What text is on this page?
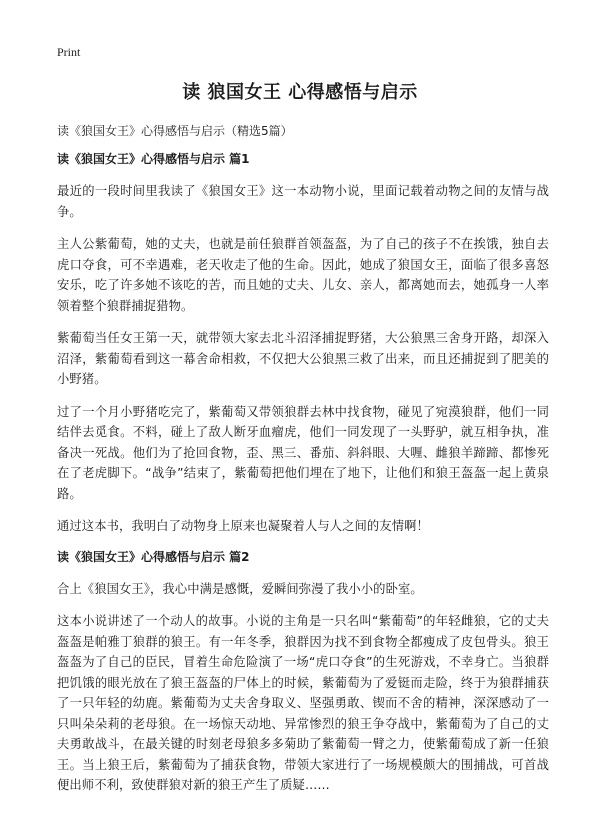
Print
读 狼国女王 心得感悟与启示
读《狼国女王》心得感悟与启示（精选5篇）
读《狼国女王》心得感悟与启示 篇1

最近的一段时间里我读了《狼国女王》这一本动物小说，里面记载着动物之间的友情与战争。

主人公紫葡萄，她的丈夫，也就是前任狼群首领盔盔，为了自己的孩子不在挨饿，独自去虎口夺食，可不幸遇难，老天收走了他的生命。因此，她成了狼国女王，面临了很多喜怒安乐，吃了许多她不该吃的苦，而且她的丈夫、儿女、亲人，都离她而去，她孤身一人率领着整个狼群捕捉猎物。

紫葡萄当任女王第一天，就带领大家去北斗沼泽捕捉野猪，大公狼黑三舍身开路，却深入沼泽，紫葡萄看到这一幕舍命相救，不仅把大公狼黑三救了出来，而且还捕捉到了肥美的小野猪。

过了一个月小野猪吃完了，紫葡萄又带领狼群去林中找食物，碰见了宛漠狼群，他们一同结伴去觅食。不料，碰上了敌人断牙血瘤虎，他们一同发现了一头野驴，就互相争执，准备决一死战。他们为了抢回食物，歪、黑三、番茄、斜斜眼、大喱、雌狼羊蹄蹄、都惨死在了老虎脚下。“战争”结束了，紫葡萄把他们埋在了地下，让他们和狼王盔盔一起上黄泉路。

通过这本书，我明白了动物身上原来也凝聚着人与人之间的友情啊！

读《狼国女王》心得感悟与启示 篇2

合上《狼国女王》，我心中满是感慨，爱瞬间弥漫了我小小的卧室。

这本小说讲述了一个动人的故事。小说的主角是一只名叫“紫葡萄”的年轻雌狼，它的丈夫盔盔是帕雅丁狼群的狼王。有一年冬季，狼群因为找不到食物全都瘦成了皮包骨头。狼王盔盔为了自己的臣民，冒着生命危险演了一场“虎口夺食”的生死游戏，不幸身亡。当狼群把饥饿的眼光放在了狼王盔盔的尸体上的时候，紫葡萄为了爱铤而走险，终于为狼群捕获了一只年轻的幼鹿。紫葡萄为丈夫舍身取义、坚强勇敢、锲而不舍的精神，深深感动了一只叫朵朵莉的老母狼。在一场惊天动地、异常惨烈的狼王争夺战中，紫葡萄为了自己的丈夫勇敢战斗，在最关键的时刻老母狼多多菊助了紫葡萄一臂之力，使紫葡萄成了新一任狼王。当上狼王后，紫葡萄为了捕获食物，带领大家进行了一场规模颇大的围捕战，可首战便出师不利，致使群狼对新的狼王产生了质疑……
